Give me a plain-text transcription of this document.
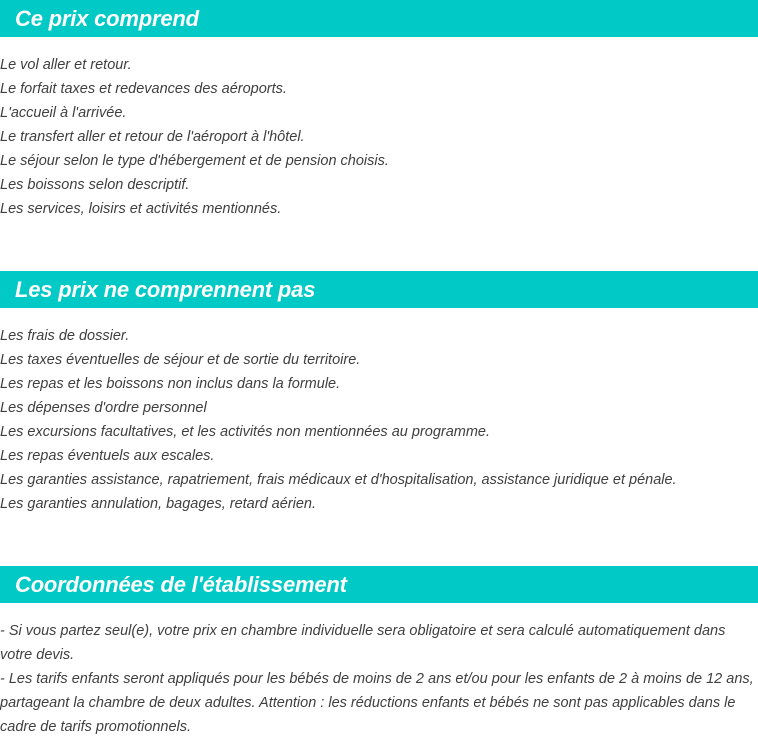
Ce prix comprend
Le vol aller et retour.
Le forfait taxes et redevances des aéroports.
L'accueil à l'arrivée.
Le transfert aller et retour de l'aéroport à l'hôtel.
Le séjour selon le type d'hébergement et de pension choisis.
Les boissons selon descriptif.
Les services, loisirs et activités mentionnés.
Les prix ne comprennent pas
Les frais de dossier.
Les taxes éventuelles de séjour et de sortie du territoire.
Les repas et les boissons non inclus dans la formule.
Les dépenses d'ordre personnel
Les excursions facultatives, et les activités non mentionnées au programme.
Les repas éventuels aux escales.
Les garanties assistance, rapatriement, frais médicaux et d'hospitalisation, assistance juridique et pénale.
Les garanties annulation, bagages, retard aérien.
Coordonnées de l'établissement

- Si vous partez seul(e), votre prix en chambre individuelle sera obligatoire et sera calculé automatiquement dans votre devis.

- Les tarifs enfants seront appliqués pour les bébés de moins de 2 ans et/ou pour les enfants de 2 à moins de 12 ans, partageant la chambre de deux adultes. Attention : les réductions enfants et bébés ne sont pas applicables dans le cadre de tarifs promotionnels.
